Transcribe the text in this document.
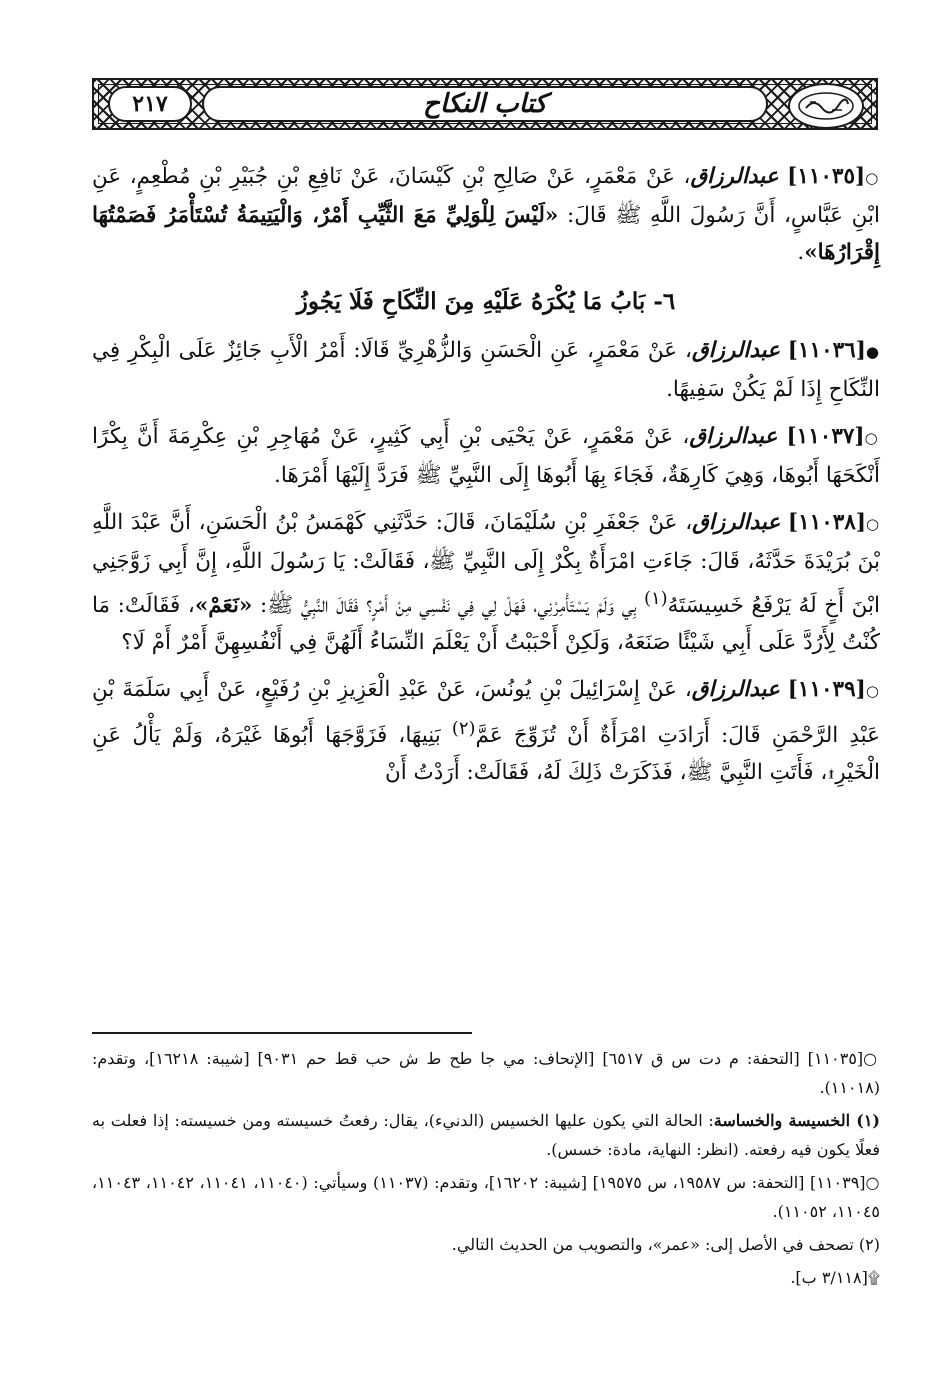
كتاب النكاح
٢١٧

○[١١٠٣٥] عبدالرزاق، عَنْ مَعْمَرٍ، عَنْ صَالِحِ بْنِ كَيْسَانَ، عَنْ نَافِعِ بْنِ جُبَيْرِ بْنِ مُطْعِمٍ، عَنِ ابْنِ عَبَّاسٍ، أَنَّ رَسُولَ اللَّهِ ﷺ قَالَ: «لَيْسَ لِلْوَلِيِّ مَعَ الثَّيِّبِ أَمْرٌ، وَالْيَتِيمَةُ تُسْتَأْمَرُ فَصَمْتُهَا إِقْرَارُهَا».

٦- بَابُ مَا يُكْرَهُ عَلَيْهِ مِنَ النِّكَاحِ فَلَا يَجُوزُ

●[١١٠٣٦] عبدالرزاق، عَنْ مَعْمَرٍ، عَنِ الْحَسَنِ وَالزُّهْرِيِّ قَالَا: أَمْرُ الْأَبِ جَائِزٌ عَلَى الْبِكْرِ فِي النِّكَاحِ إِذَا لَمْ يَكُنْ سَفِيهًا.

○[١١٠٣٧] عبدالرزاق، عَنْ مَعْمَرٍ، عَنْ يَحْيَى بْنِ أَبِي كَثِيرٍ، عَنْ مُهَاجِرِ بْنِ عِكْرِمَةَ أَنَّ بِكْرًا أَنْكَحَهَا أَبُوهَا، وَهِيَ كَارِهَةٌ، فَجَاءَ بِهَا أَبُوهَا إِلَى النَّبِيِّ ﷺ فَرَدَّ إِلَيْهَا أَمْرَهَا.

○[١١٠٣٨] عبدالرزاق، عَنْ جَعْفَرِ بْنِ سُلَيْمَانَ، قَالَ: حَدَّثَنِي كَهْمَسُ بْنُ الْحَسَنِ، أَنَّ عَبْدَ اللَّهِ بْنَ بُرَيْدَةَ حَدَّثَهُ، قَالَ: جَاءَتِ امْرَأَةٌ بِكْرٌ إِلَى النَّبِيِّ ﷺ، فَقَالَتْ: يَا رَسُولَ اللَّهِ، إِنَّ أَبِي زَوَّجَنِي ابْنَ أَخٍ لَهُ يَرْفَعُ خَسِيسَتَهُ$^{(١)}$ بِي وَلَمْ يَسْتَأْمِرْنِي، فَهَلْ لِي فِي نَفْسِي مِنْ أَمْرٍ؟ فَقَالَ النَّبِيُّ ﷺ: «نَعَمْ»، فَقَالَتْ: مَا كُنْتُ لِأَرُدَّ عَلَى أَبِي شَيْئًا صَنَعَهُ، وَلَكِنْ أَحْبَبْتُ أَنْ يَعْلَمَ النِّسَاءُ أَلَهُنَّ فِي أَنْفُسِهِنَّ أَمْرٌ أَمْ لَا؟

○[١١٠٣٩] عبدالرزاق، عَنْ إِسْرَائِيلَ بْنِ يُونُسَ، عَنْ عَبْدِ الْعَزِيزِ بْنِ رُفَيْعٍ، عَنْ أَبِي سَلَمَةَ بْنِ عَبْدِ الرَّحْمَنِ قَالَ: أَرَادَتِ امْرَأَةٌ أَنْ تُزَوِّجَ عَمَّ$^{(٢)}$ بَنِيهَا، فَزَوَّجَهَا أَبُوهَا غَيْرَهُ، وَلَمْ يَأْلُ عَنِ الْخَيْرِ۩، فَأَتَتِ النَّبِيَّ ﷺ، فَذَكَرَتْ ذَلِكَ لَهُ، فَقَالَتْ: أَرَدْتُ أَنْ

○[١١٠٣٥] [التحفة: م دت س ق ٦٥١٧] [الإتحاف: مي جا طح ط ش حب قط حم ٩٠٣١] [شيبة: ١٦٢١٨]، وتقدم: (١١٠١٨).

(١) الخسيسة والخساسة: الحالة التي يكون عليها الخسيس (الدنيء)، يقال: رفعتُ خسيسته ومن خسيسته: إذا فعلت به فعلًا يكون فيه رفعته. (انظر: النهاية، مادة: خسس).

○[١١٠٣٩] [التحفة: س ١٩٥٨٧، س ١٩٥٧٥] [شيبة: ١٦٢٠٢]، وتقدم: (١١٠٣٧) وسيأتي: (١١٠٤٠، ١١٠٤١، ١١٠٤٢، ١١٠٤٣، ١١٠٤٥، ١١٠٥٢).

(٢) تصحف في الأصل إلى: «عمر»، والتصويب من الحديث التالي.

۩[٣/١١٨ ب].
